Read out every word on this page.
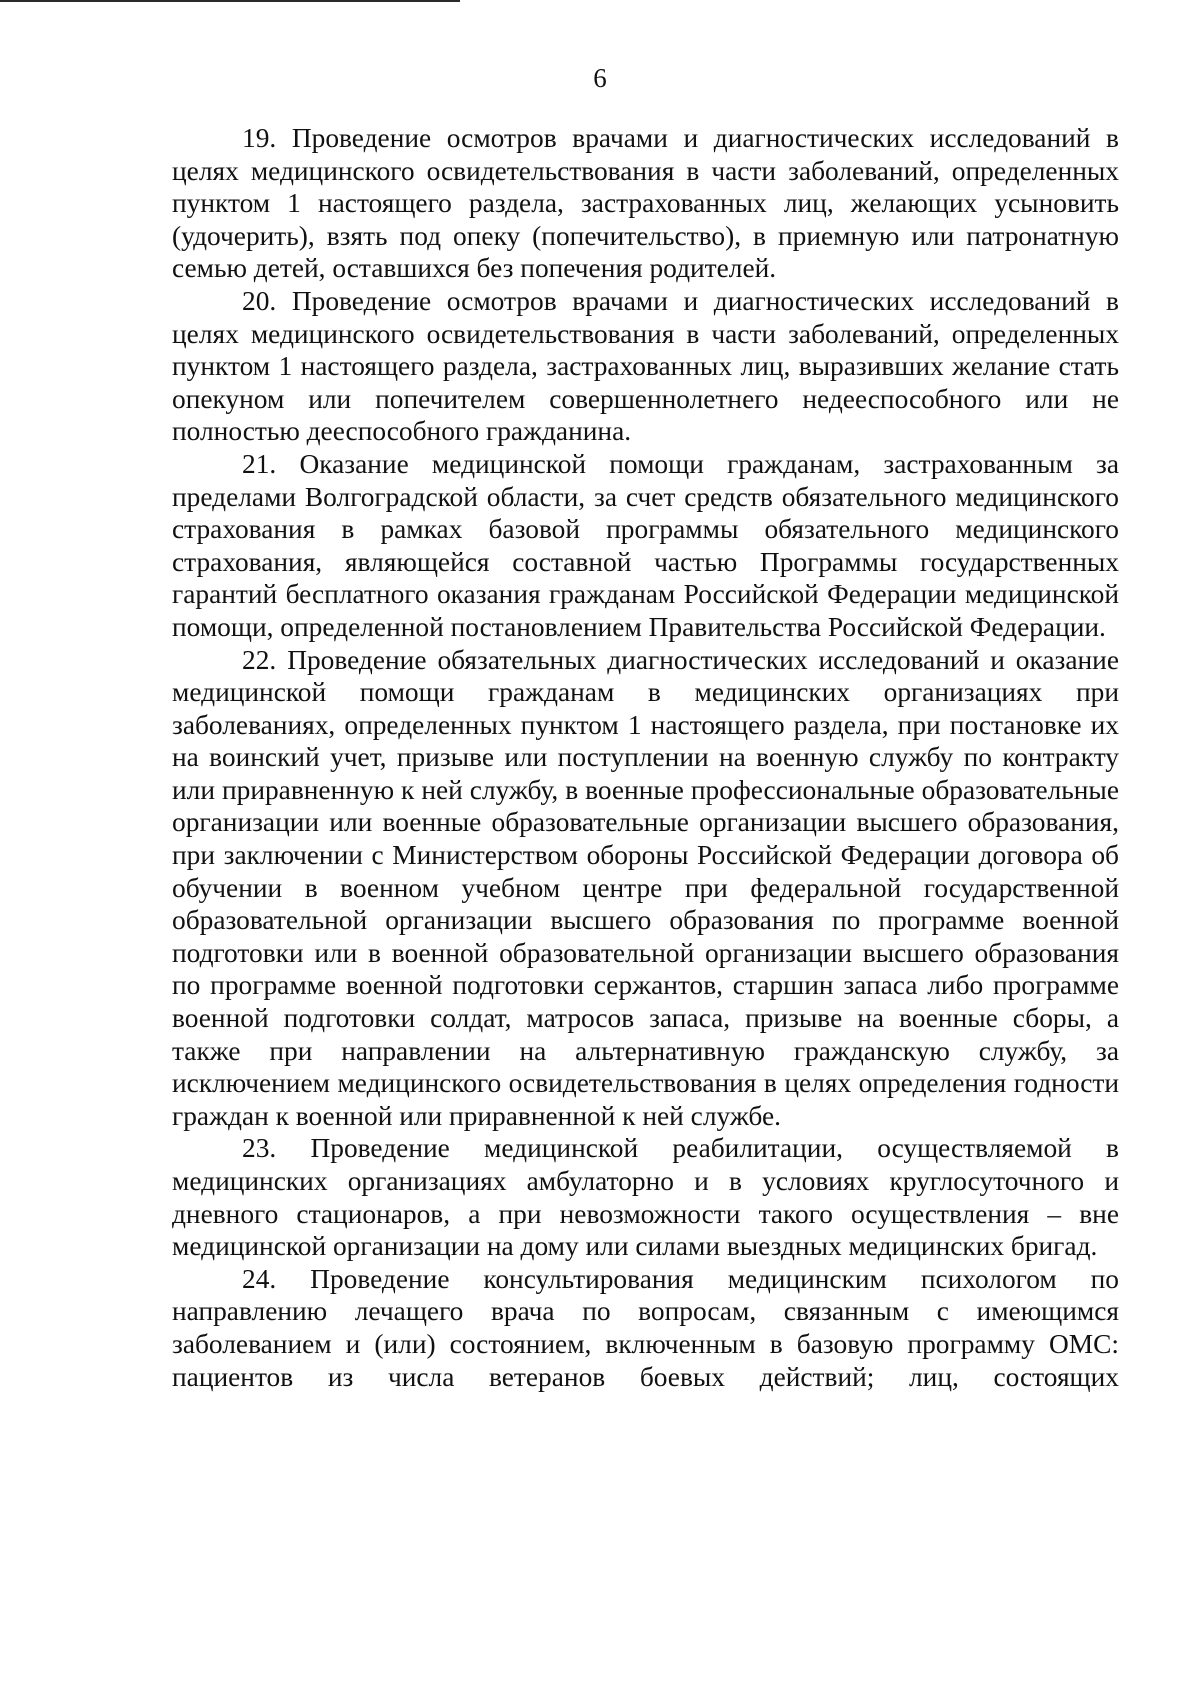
6

19. Проведение осмотров врачами и диагностических исследований в целях медицинского освидетельствования в части заболеваний, определенных пунктом 1 настоящего раздела, застрахованных лиц, желающих усыновить (удочерить), взять под опеку (попечительство), в приемную или патронатную семью детей, оставшихся без попечения родителей.

20. Проведение осмотров врачами и диагностических исследований в целях медицинского освидетельствования в части заболеваний, определенных пунктом 1 настоящего раздела, застрахованных лиц, выразивших желание стать опекуном или попечителем совершеннолетнего недееспособного или не полностью дееспособного гражданина.

21. Оказание медицинской помощи гражданам, застрахованным за пределами Волгоградской области, за счет средств обязательного медицинского страхования в рамках базовой программы обязательного медицинского страхования, являющейся составной частью Программы государственных гарантий бесплатного оказания гражданам Российской Федерации медицинской помощи, определенной постановлением Правительства Российской Федерации.

22. Проведение обязательных диагностических исследований и оказание медицинской помощи гражданам в медицинских организациях при заболеваниях, определенных пунктом 1 настоящего раздела, при постановке их на воинский учет, призыве или поступлении на военную службу по контракту или приравненную к ней службу, в военные профессиональные образовательные организации или военные образовательные организации высшего образования, при заключении с Министерством обороны Российской Федерации договора об обучении в военном учебном центре при федеральной государственной образовательной организации высшего образования по программе военной подготовки или в военной образовательной организации высшего образования по программе военной подготовки сержантов, старшин запаса либо программе военной подготовки солдат, матросов запаса, призыве на военные сборы, а также при направлении на альтернативную гражданскую службу, за исключением медицинского освидетельствования в целях определения годности граждан к военной или приравненной к ней службе.

23. Проведение медицинской реабилитации, осуществляемой в медицинских организациях амбулаторно и в условиях круглосуточного и дневного стационаров, а при невозможности такого осуществления – вне медицинской организации на дому или силами выездных медицинских бригад.

24. Проведение консультирования медицинским психологом по направлению лечащего врача по вопросам, связанным с имеющимся заболеванием и (или) состоянием, включенным в базовую программу ОМС: пациентов из числа ветеранов боевых действий; лиц, состоящих
